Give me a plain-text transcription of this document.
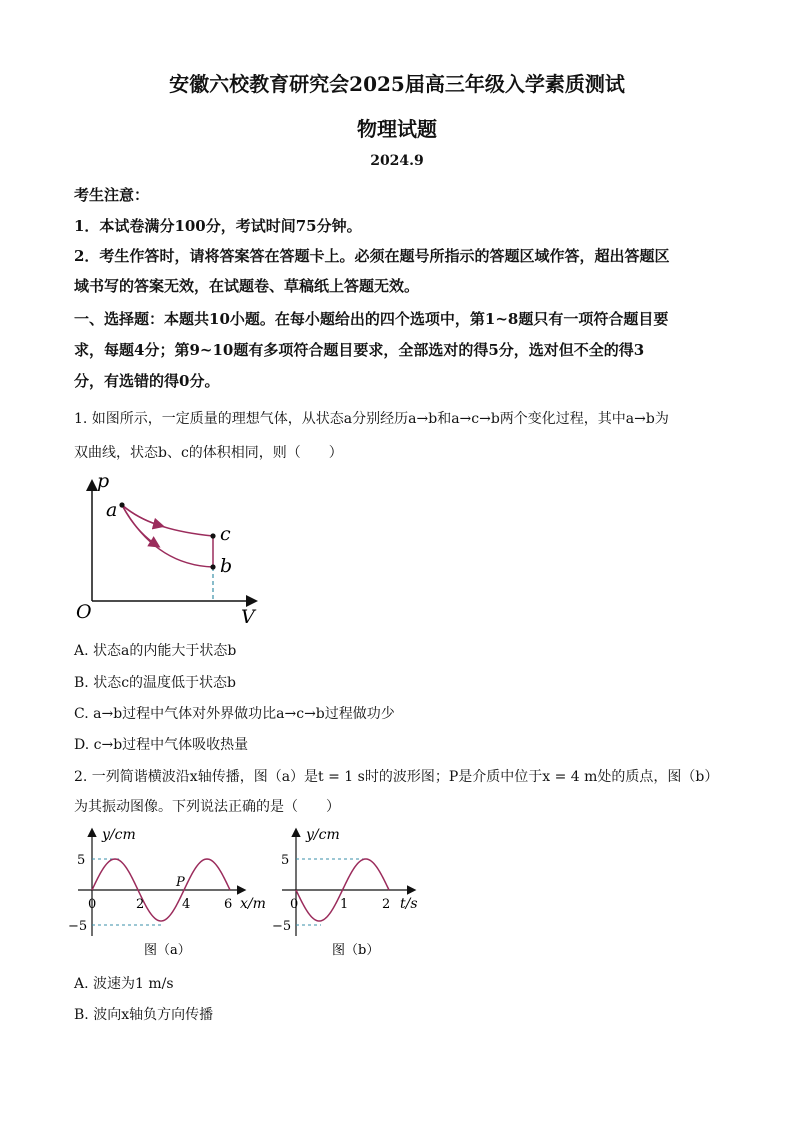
安徽六校教育研究会2025届高三年级入学素质测试
物理试题
2024.9
考生注意：
1．本试卷满分100分，考试时间75分钟。
2．考生作答时，请将答案答在答题卡上。必须在题号所指示的答题区域作答，超出答题区
域书写的答案无效，在试题卷、草稿纸上答题无效。
一、选择题：本题共10小题。在每小题给出的四个选项中，第1~8题只有一项符合题目要
求，每题4分；第9~10题有多项符合题目要求，全部选对的得5分，选对但不全的得3
分，有选错的得0分。
1. 如图所示，一定质量的理想气体，从状态a分别经历a→b和a→c→b两个变化过程，其中a→b为
双曲线，状态b、c的体积相同，则（　　）
p
a
c
b
O	V
A. 状态a的内能大于状态b
B. 状态c的温度低于状态b
C. a→b过程中气体对外界做功比a→c→b过程做功少
D. c→b过程中气体吸收热量
2. 一列简谐横波沿x轴传播，图（a）是t = 1 s时的波形图；P是介质中位于x = 4 m处的质点，图（b）
为其振动图像。下列说法正确的是（　　）
y/cm
5
−5
0	2	4	6 x/m
P
图（a）
y/cm
5
−5
0	1	2 t/s
图（b）
A. 波速为1 m/s
B. 波向x轴负方向传播
